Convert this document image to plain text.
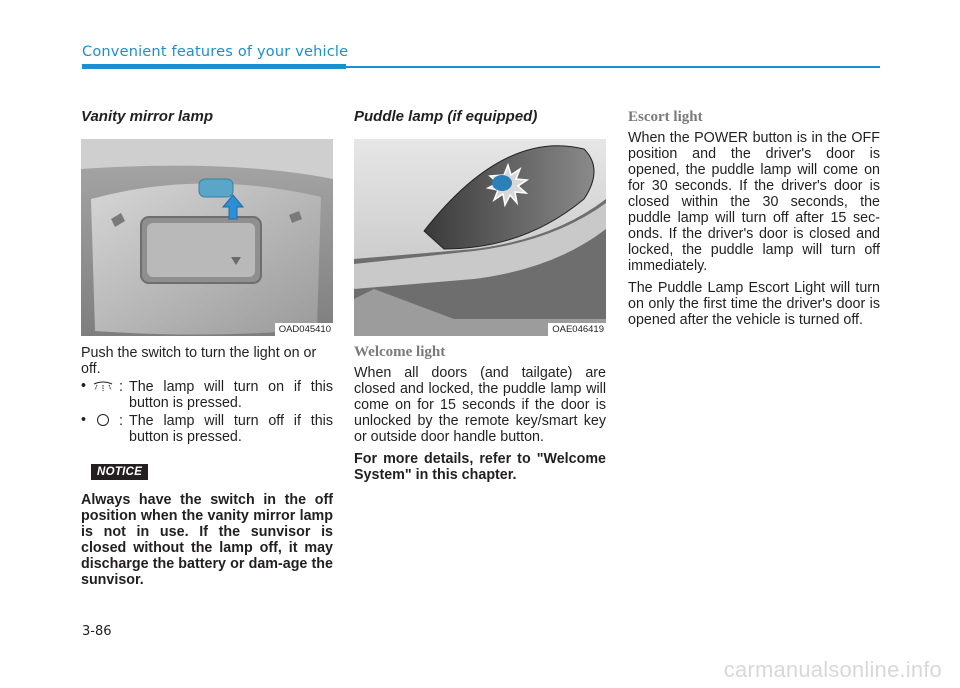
Convenient features of your vehicle
Vanity mirror lamp
OAD045410

Push the switch to turn the light on or off.

• : The lamp will turn on if this button is pressed.
• : The lamp will turn off if this button is pressed.
NOTICE

Always have the switch in the off position when the vanity mirror lamp is not in use. If the sunvisor is closed without the lamp off, it may discharge the battery or dam-age the sunvisor.

Puddle lamp (if equipped)
OAE046419
Welcome light

When all doors (and tailgate) are closed and locked, the puddle lamp will come on for 15 seconds if the door is unlocked by the remote key/smart key or outside door handle button.

For more details, refer to "Welcome System" in this chapter.

Escort light

When the POWER button is in the OFF position and the driver's door is opened, the puddle lamp will come on for 30 seconds. If the driver's door is closed within the 30 seconds, the puddle lamp will turn off after 15 sec-onds. If the driver's door is closed and locked, the puddle lamp will turn off immediately.

The Puddle Lamp Escort Light will turn on only the first time the driver's door is opened after the vehicle is turned off.

3-86
carmanualsonline.info
